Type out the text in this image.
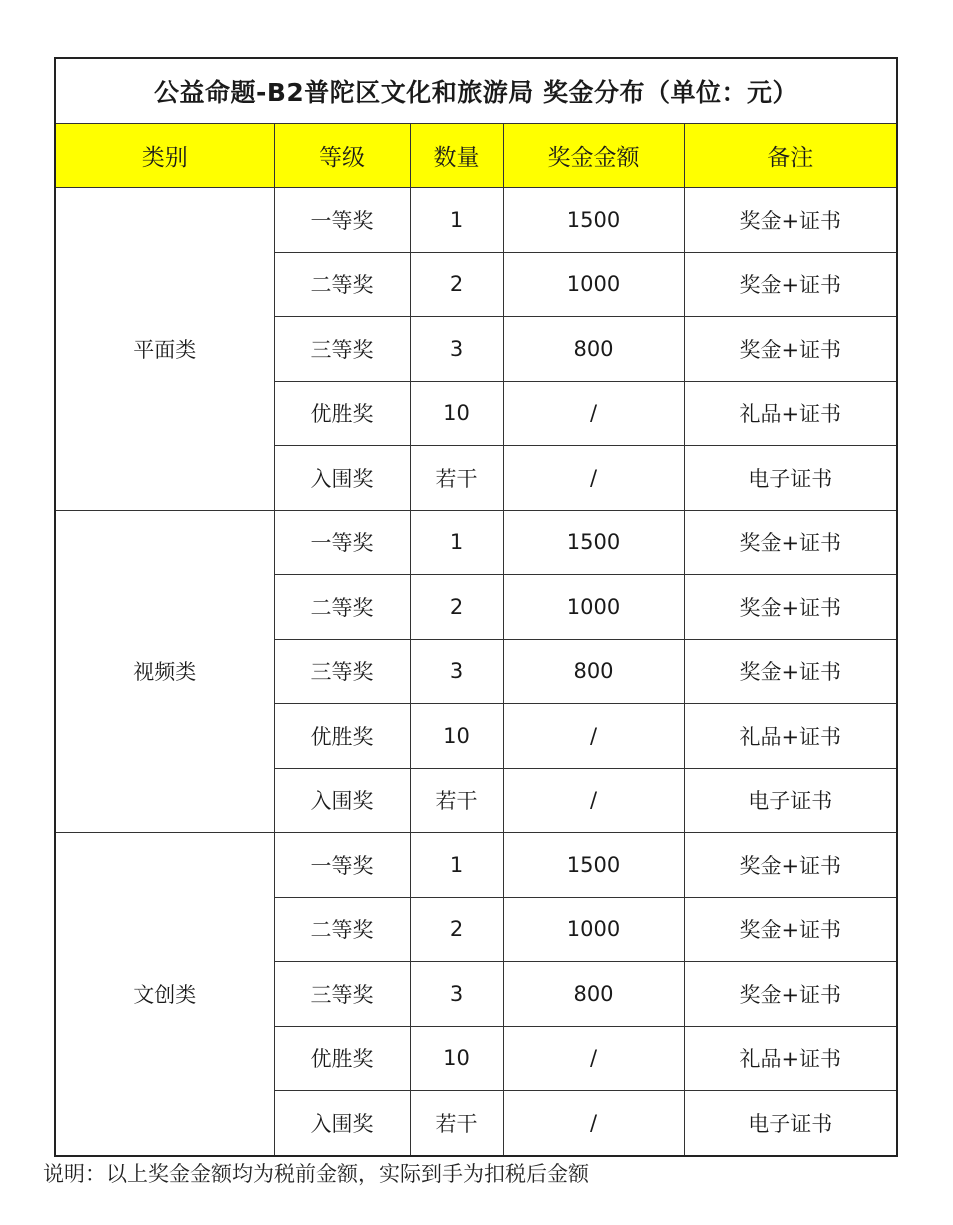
公益命题-B2普陀区文化和旅游局 奖金分布（单位：元）				
类别	等级	数量	奖金金额	备注
平面类	一等奖	1	1500	奖金+证书
	二等奖	2	1000	奖金+证书
	三等奖	3	800	奖金+证书
	优胜奖	10	/	礼品+证书
	入围奖	若干	/	电子证书
视频类	一等奖	1	1500	奖金+证书
	二等奖	2	1000	奖金+证书
	三等奖	3	800	奖金+证书
	优胜奖	10	/	礼品+证书
	入围奖	若干	/	电子证书
文创类	一等奖	1	1500	奖金+证书
	二等奖	2	1000	奖金+证书
	三等奖	3	800	奖金+证书
	优胜奖	10	/	礼品+证书
	入围奖	若干	/	电子证书
说明：以上奖金金额均为税前金额，实际到手为扣税后金额
